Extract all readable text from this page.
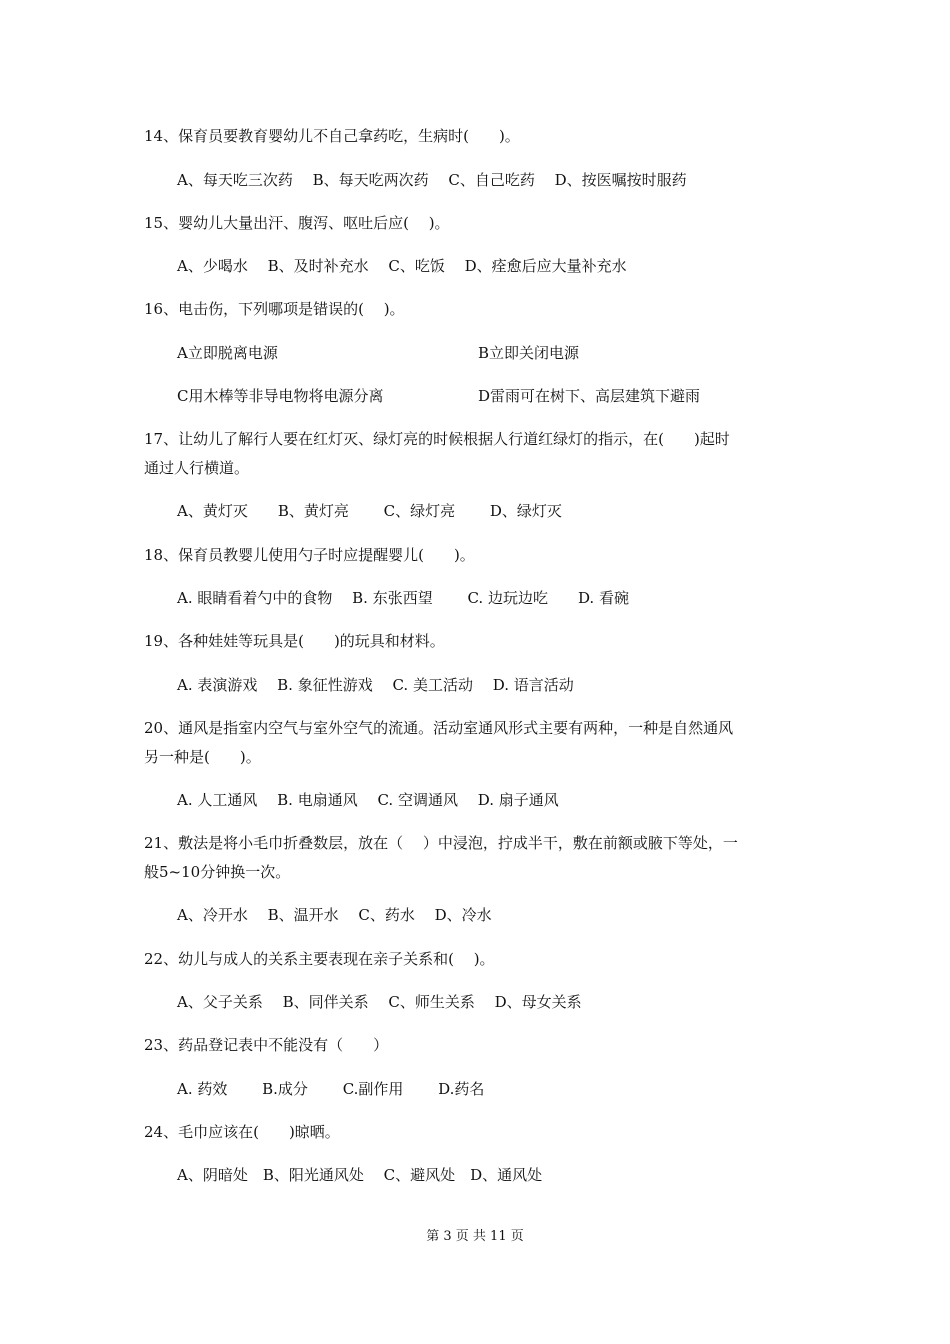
14、保育员要教育婴幼儿不自己拿药吃，生病时(　　)。
A、每天吃三次药　 B、每天吃两次药　 C、自己吃药　 D、按医嘱按时服药
15、婴幼儿大量出汗、腹泻、呕吐后应(　 )。
A、少喝水　 B、及时补充水　 C、吃饭　 D、痊愈后应大量补充水
16、电击伤，下列哪项是错误的(　 )。
A立即脱离电源	B立即关闭电源
C用木棒等非导电物将电源分离	D雷雨可在树下、高层建筑下避雨
17、让幼儿了解行人要在红灯灭、绿灯亮的时候根据人行道红绿灯的指示，在(　　)起时
通过人行横道。
A、黄灯灭　　B、黄灯亮　　 C、绿灯亮　　 D、绿灯灭
18、保育员教婴儿使用勺子时应提醒婴儿(　　)。
A. 眼睛看着勺中的食物　 B. 东张西望　　 C. 边玩边吃　　D. 看碗
19、各种娃娃等玩具是(　　)的玩具和材料。
A. 表演游戏　 B. 象征性游戏　 C. 美工活动　 D. 语言活动
20、通风是指室内空气与室外空气的流通。活动室通风形式主要有两种，一种是自然通风
另一种是(　　)。
A. 人工通风　 B. 电扇通风　 C. 空调通风　 D. 扇子通风
21、敷法是将小毛巾折叠数层，放在（　 ）中浸泡，拧成半干，敷在前额或腋下等处，一
般5~10分钟换一次。
A、冷开水　 B、温开水　 C、药水　 D、冷水
22、幼儿与成人的关系主要表现在亲子关系和(　 )。
A、父子关系　 B、同伴关系　 C、师生关系　 D、母女关系
23、药品登记表中不能没有（　　）
A. 药效　　 B.成分　　 C.副作用　　 D.药名
24、毛巾应该在(　　)晾晒。
A、阴暗处　B、阳光通风处　 C、避风处　D、通风处
第 3 页 共 11 页
